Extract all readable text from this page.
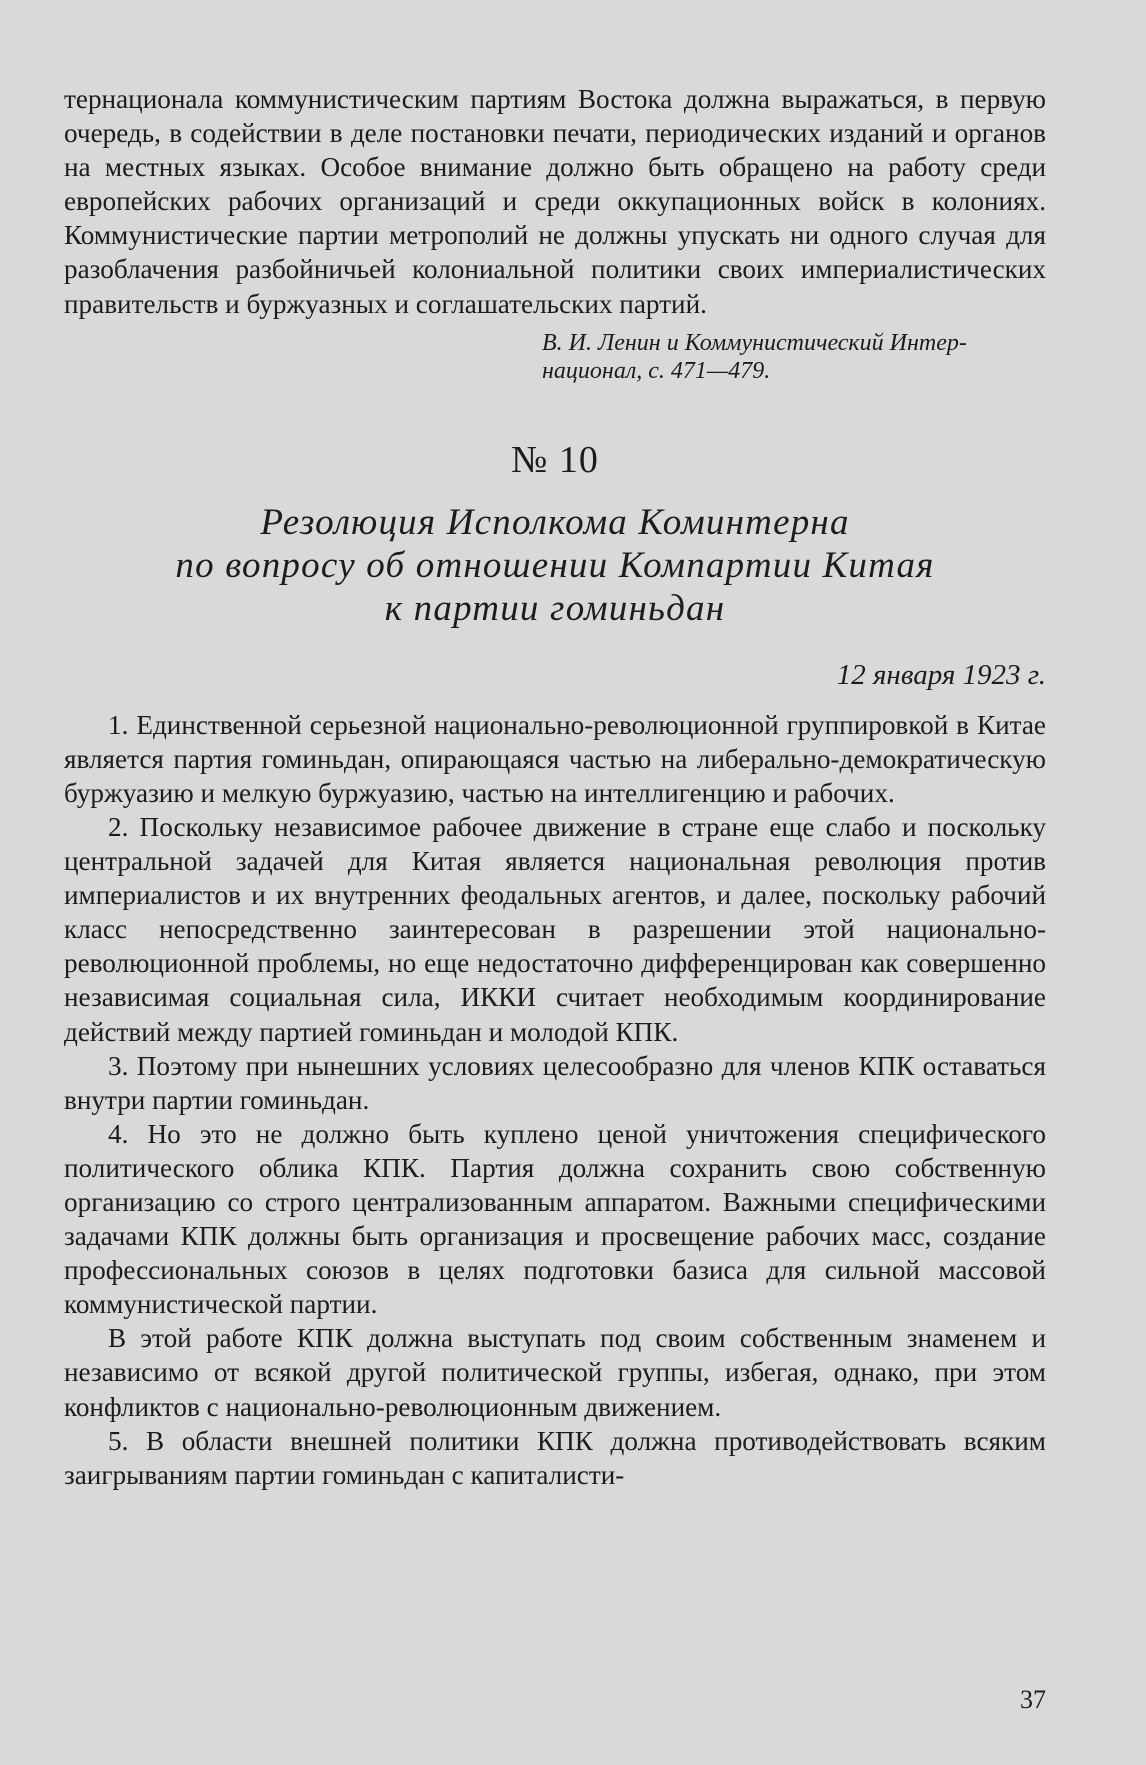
тернационала коммунистическим партиям Востока должна выражаться, в первую очередь, в содействии в деле постановки печати, периодических изданий и органов на местных языках. Особое внимание должно быть обращено на работу среди европейских рабочих организаций и среди оккупационных войск в колониях. Коммунистические партии метрополий не должны упускать ни одного случая для разоблачения разбойничьей колониальной политики своих империалистических правительств и буржуазных и соглашательских партий.

В. И. Ленин и Коммунистический Интер-
национал, с. 471—479.
№ 10
Резолюция Исполкома Коминтерна
по вопросу об отношении Компартии Китая
к партии гоминьдан
12 января 1923 г.

1. Единственной серьезной национально-революционной группировкой в Китае является партия гоминьдан, опирающаяся частью на либерально-демократическую буржуазию и мелкую буржуазию, частью на интеллигенцию и рабочих.

2. Поскольку независимое рабочее движение в стране еще слабо и поскольку центральной задачей для Китая является национальная революция против империалистов и их внутренних феодальных агентов, и далее, поскольку рабочий класс непосредственно заинтересован в разрешении этой национально-революционной проблемы, но еще недостаточно дифференцирован как совершенно независимая социальная сила, ИККИ считает необходимым координирование действий между партией гоминьдан и молодой КПК.

3. Поэтому при нынешних условиях целесообразно для членов КПК оставаться внутри партии гоминьдан.

4. Но это не должно быть куплено ценой уничтожения специфического политического облика КПК. Партия должна сохранить свою собственную организацию со строго централизованным аппаратом. Важными специфическими задачами КПК должны быть организация и просвещение рабочих масс, создание профессиональных союзов в целях подготовки базиса для сильной массовой коммунистической партии.

В этой работе КПК должна выступать под своим собственным знаменем и независимо от всякой другой политической группы, избегая, однако, при этом конфликтов с национально-революционным движением.

5. В области внешней политики КПК должна противодействовать всяким заигрываниям партии гоминьдан с капиталисти-

37
